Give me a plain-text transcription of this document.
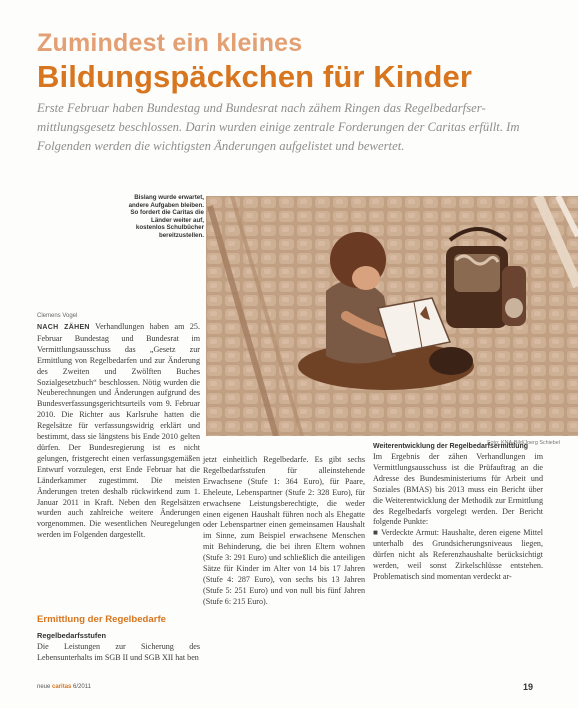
Zumindest ein kleines
Bildungspäckchen für Kinder
Erste Februar haben Bundestag und Bundesrat nach zähem Ringen das Regelbedarfser-mittlungsgesetz beschlossen. Darin wurden einige zentrale Forderungen der Caritas erfüllt. Im Folgenden werden die wichtigsten Änderungen aufgelistet und bewertet.
Bislang wurde erwartet, andere Aufgaben bleiben. So fordert die Caritas die Länder weiter auf, kostenlos Schulbücher bereitzustellen.
Foto: KNA-Bild/Joerg Schiebel
Clemens Vogel

NACH ZÄHEN Verhandlungen haben am 25. Februar Bundestag und Bundesrat im Vermittlungsausschuss das „Gesetz zur Ermittlung von Regelbedarfen und zur Änderung des Zweiten und Zwölften Buches Sozialgesetzbuch“ beschlossen. Nötig wurden die Neuberechnungen und Änderungen aufgrund des Bundesverfassungsgerichtsurteils vom 9. Februar 2010. Die Richter aus Karlsruhe hatten die Regelsätze für verfassungswidrig erklärt und bestimmt, dass sie längstens bis Ende 2010 gelten dürfen. Der Bundesregierung ist es nicht gelungen, fristgerecht einen verfassungsgemäßen Entwurf vorzulegen, erst Ende Februar hat die Länderkammer zugestimmt. Die meisten Änderungen treten deshalb rückwirkend zum 1. Januar 2011 in Kraft. Neben den Regelsätzen wurden auch zahlreiche weitere Änderungen vorgenommen. Die wesentlichen Neuregelungen werden im Folgenden dargestellt.

Ermittlung der Regelbedarfe
Regelbedarfsstufen

Die Leistungen zur Sicherung des Lebensunterhalts im SGB II und SGB XII hat ben

jetzt einheitlich Regelbedarfe. Es gibt sechs Regelbedarfsstufen für alleinstehende Erwachsene (Stufe 1: 364 Euro), für Paare, Eheleute, Lebenspartner (Stufe 2: 328 Euro), für erwachsene Leistungsberechtigte, die weder einen eigenen Haushalt führen noch als Ehegatte oder Lebenspartner einen gemeinsamen Haushalt im Sinne, zum Beispiel erwachsene Menschen mit Behinderung, die bei ihren Eltern wohnen (Stufe 3: 291 Euro) und schließlich die anteiligen Sätze für Kinder im Alter von 14 bis 17 Jahren (Stufe 4: 287 Euro), von sechs bis 13 Jahren (Stufe 5: 251 Euro) und von null bis fünf Jahren (Stufe 6: 215 Euro).

Weiterentwicklung der Regelbedarfsermittlung

Im Ergebnis der zähen Verhandlungen im Vermittlungsausschuss ist die Prüfauftrag an die Adresse des Bundesministeriums für Arbeit und Soziales (BMAS) bis 2013 muss ein Bericht über die Weiterentwicklung der Methodik zur Ermittlung des Regelbedarfs vorgelegt werden. Der Bericht folgende Punkte:

■ Verdeckte Armut: Haushalte, deren eigene Mittel unterhalb des Grundsicherungsniveaus liegen, dürfen nicht als Referenzhaushalte berücksichtigt werden, weil sonst Zirkelschlüsse entstehen. Problematisch sind momentan verdeckt ar-

neue caritas 6/2011	19
